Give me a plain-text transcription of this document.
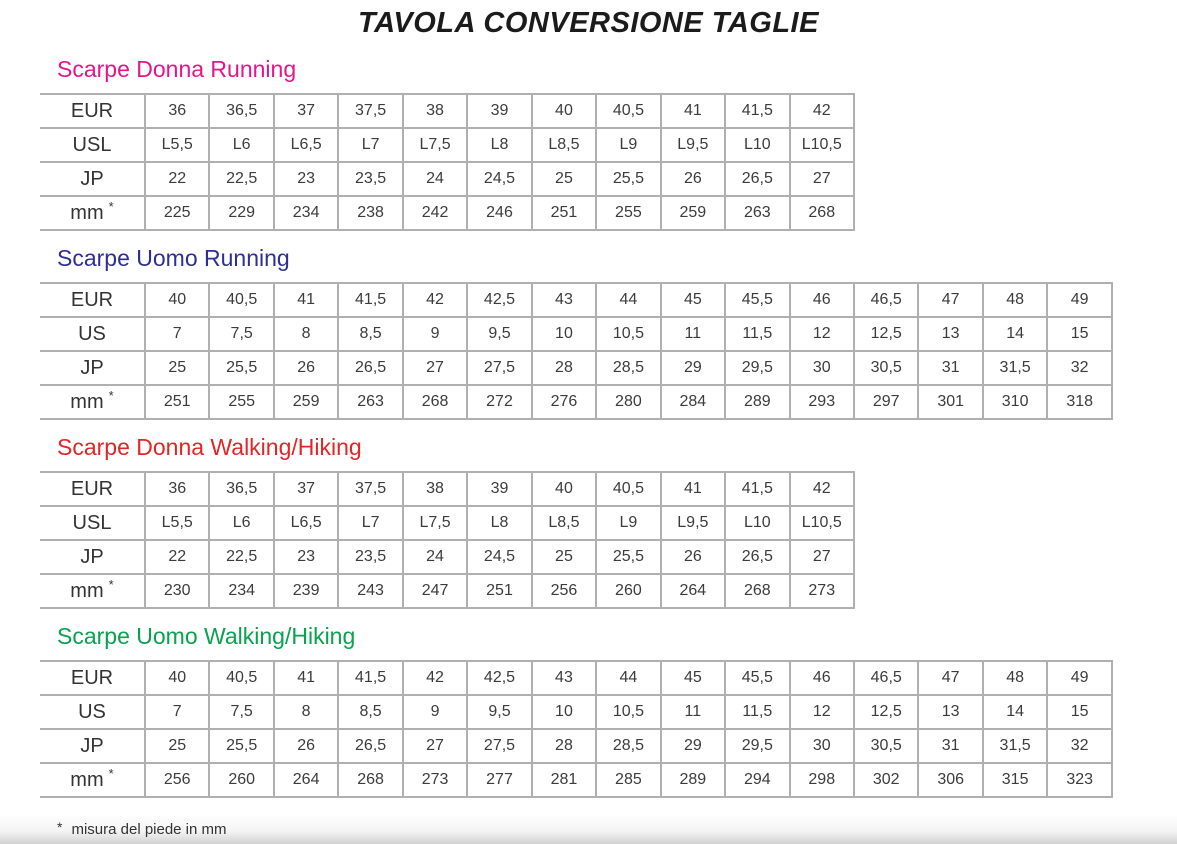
TAVOLA CONVERSIONE TAGLIE
Scarpe Donna Running
EUR	36	36,5	37	37,5	38	39	40	40,5	41	41,5	42
USL	L5,5	L6	L6,5	L7	L7,5	L8	L8,5	L9	L9,5	L10	L10,5
JP	22	22,5	23	23,5	24	24,5	25	25,5	26	26,5	27
mm *	225	229	234	238	242	246	251	255	259	263	268
Scarpe Uomo Running
EUR	40	40,5	41	41,5	42	42,5	43	44	45	45,5	46	46,5	47	48	49
US	7	7,5	8	8,5	9	9,5	10	10,5	11	11,5	12	12,5	13	14	15
JP	25	25,5	26	26,5	27	27,5	28	28,5	29	29,5	30	30,5	31	31,5	32
mm *	251	255	259	263	268	272	276	280	284	289	293	297	301	310	318
Scarpe Donna Walking/Hiking
EUR	36	36,5	37	37,5	38	39	40	40,5	41	41,5	42
USL	L5,5	L6	L6,5	L7	L7,5	L8	L8,5	L9	L9,5	L10	L10,5
JP	22	22,5	23	23,5	24	24,5	25	25,5	26	26,5	27
mm *	230	234	239	243	247	251	256	260	264	268	273
Scarpe Uomo Walking/Hiking
EUR	40	40,5	41	41,5	42	42,5	43	44	45	45,5	46	46,5	47	48	49
US	7	7,5	8	8,5	9	9,5	10	10,5	11	11,5	12	12,5	13	14	15
JP	25	25,5	26	26,5	27	27,5	28	28,5	29	29,5	30	30,5	31	31,5	32
mm *	256	260	264	268	273	277	281	285	289	294	298	302	306	315	323
* misura del piede in mm
